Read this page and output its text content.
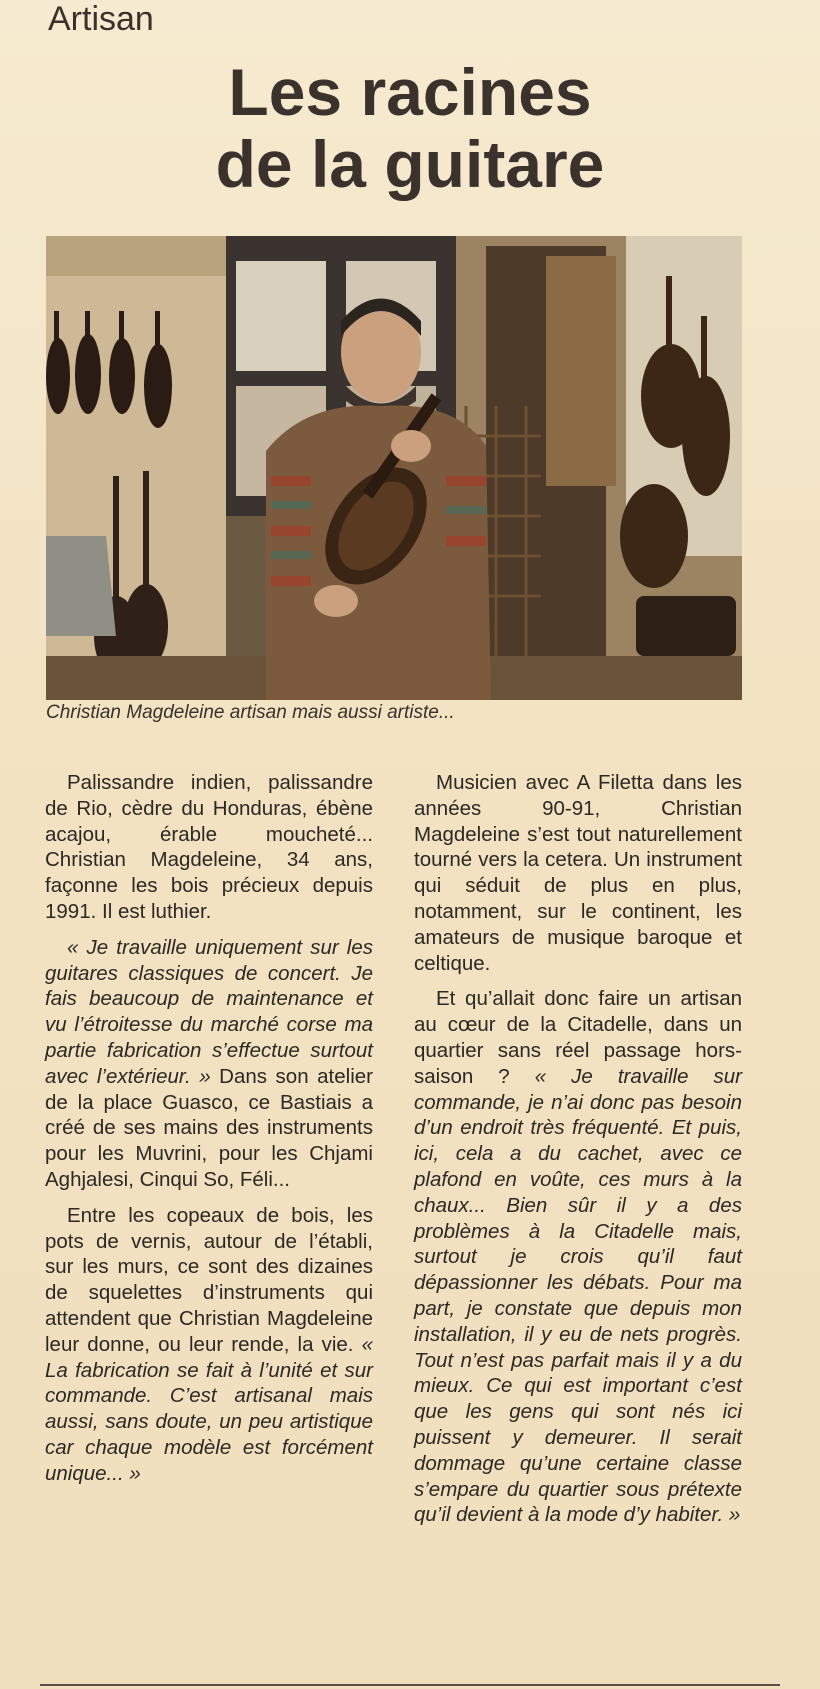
Artisan
Les racines
de la guitare
Christian Magdeleine artisan mais aussi artiste...

Palissandre indien, palissandre de Rio, cèdre du Honduras, ébène acajou, érable moucheté... Christian Magdeleine, 34 ans, façonne les bois précieux depuis 1991. Il est luthier.

« Je travaille uniquement sur les guitares classiques de concert. Je fais beaucoup de maintenance et vu l’étroitesse du marché corse ma partie fabrication s’effectue surtout avec l’extérieur. » Dans son atelier de la place Guasco, ce Bastiais a créé de ses mains des instruments pour les Muvrini, pour les Chjami Aghjalesi, Cinqui So, Féli...

Entre les copeaux de bois, les pots de vernis, autour de l’établi, sur les murs, ce sont des dizaines de squelettes d’instruments qui attendent que Christian Magdeleine leur donne, ou leur rende, la vie. « La fabrication se fait à l’unité et sur commande. C’est artisanal mais aussi, sans doute, un peu artistique car chaque modèle est forcément unique... »

Musicien avec A Filetta dans les années 90-91, Christian Magdeleine s’est tout naturellement tourné vers la cetera. Un instrument qui séduit de plus en plus, notamment, sur le continent, les amateurs de musique baroque et celtique.

Et qu’allait donc faire un artisan au cœur de la Citadelle, dans un quartier sans réel passage hors-saison ? « Je travaille sur commande, je n’ai donc pas besoin d’un endroit très fréquenté. Et puis, ici, cela a du cachet, avec ce plafond en voûte, ces murs à la chaux... Bien sûr il y a des problèmes à la Citadelle mais, surtout je crois qu’il faut dépassionner les débats. Pour ma part, je constate que depuis mon installation, il y eu de nets progrès. Tout n’est pas parfait mais il y a du mieux. Ce qui est important c’est que les gens qui sont nés ici puissent y demeurer. Il serait dommage qu’une certaine classe s’empare du quartier sous prétexte qu’il devient à la mode d’y habiter. »
